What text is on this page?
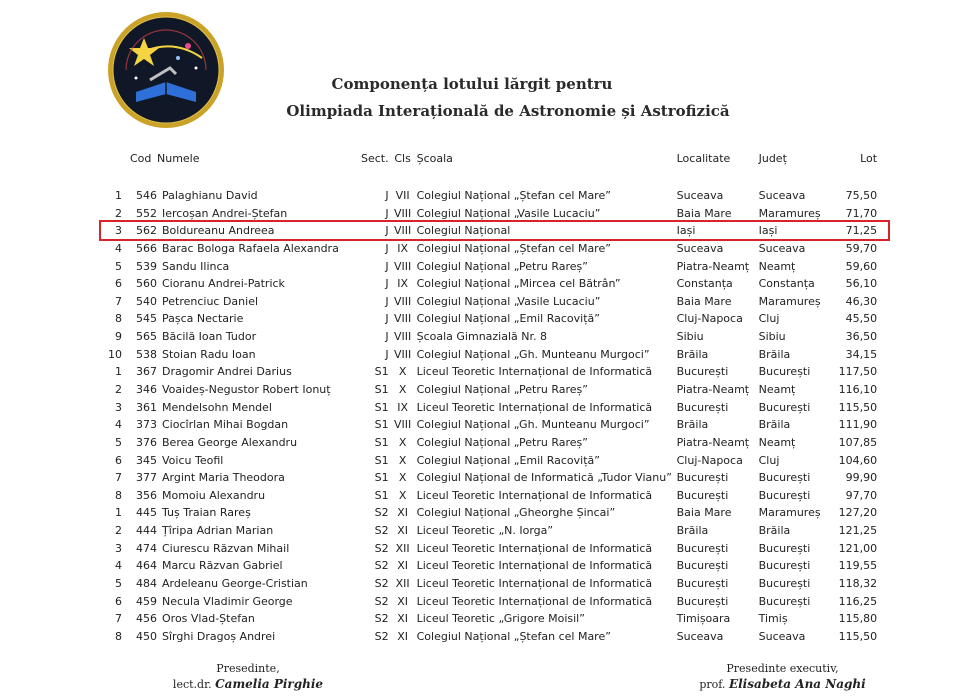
Componența lotului lărgit pentru
Olimpiada Interațională de Astronomie și Astrofizică
	Cod	Numele	Sect.	Cls	Școala	Localitate	Județ	Lot

1	546	Palaghianu David	J	VII	Colegiul Național „Ștefan cel Mare”	Suceava	Suceava	75,50
2	552	Iercoșan Andrei-Ștefan	J	VIII	Colegiul Național „Vasile Lucaciu”	Baia Mare	Maramureș	71,70
3	562	Boldureanu Andreea	J	VIII	Colegiul Național	Iași	Iași	71,25
4	566	Barac Bologa Rafaela Alexandra	J	IX	Colegiul Național „Ștefan cel Mare”	Suceava	Suceava	59,70
5	539	Sandu Ilinca	J	VIII	Colegiul Național „Petru Rareș”	Piatra-Neamț	Neamț	59,60
6	560	Cioranu Andrei-Patrick	J	IX	Colegiul Național „Mircea cel Bătrân”	Constanța	Constanța	56,10
7	540	Petrenciuc Daniel	J	VIII	Colegiul Național „Vasile Lucaciu”	Baia Mare	Maramureș	46,30
8	545	Pașca Nectarie	J	VIII	Colegiul Național „Emil Racoviță”	Cluj-Napoca	Cluj	45,50
9	565	Băcilă Ioan Tudor	J	VIII	Școala Gimnazială Nr. 8	Sibiu	Sibiu	36,50
10	538	Stoian Radu Ioan	J	VIII	Colegiul Național „Gh. Munteanu Murgoci”	Brăila	Brăila	34,15
1	367	Dragomir Andrei Darius	S1	X	Liceul Teoretic Internațional de Informatică	București	București	117,50
2	346	Voaideș-Negustor Robert Ionuț	S1	X	Colegiul Național „Petru Rareș”	Piatra-Neamț	Neamț	116,10
3	361	Mendelsohn Mendel	S1	IX	Liceul Teoretic Internațional de Informatică	București	București	115,50
4	373	Ciocîrlan Mihai Bogdan	S1	VIII	Colegiul Național „Gh. Munteanu Murgoci”	Brăila	Brăila	111,90
5	376	Berea George Alexandru	S1	X	Colegiul Național „Petru Rareș”	Piatra-Neamț	Neamț	107,85
6	345	Voicu Teofil	S1	X	Colegiul Național „Emil Racoviță”	Cluj-Napoca	Cluj	104,60
7	377	Argint Maria Theodora	S1	X	Colegiul Național de Informatică „Tudor Vianu”	București	București	99,90
8	356	Momoiu Alexandru	S1	X	Liceul Teoretic Internațional de Informatică	București	București	97,70
1	445	Tuș Traian Rareș	S2	XI	Colegiul Național „Gheorghe Șincai”	Baia Mare	Maramureș	127,20
2	444	Țîripa Adrian Marian	S2	XI	Liceul Teoretic „N. Iorga”	Brăila	Brăila	121,25
3	474	Ciurescu Răzvan Mihail	S2	XII	Liceul Teoretic Internațional de Informatică	București	București	121,00
4	464	Marcu Răzvan Gabriel	S2	XI	Liceul Teoretic Internațional de Informatică	București	București	119,55
5	484	Ardeleanu George-Cristian	S2	XII	Liceul Teoretic Internațional de Informatică	București	București	118,32
6	459	Necula Vladimir George	S2	XI	Liceul Teoretic Internațional de Informatică	București	București	116,25
7	456	Oros Vlad-Ștefan	S2	XI	Liceul Teoretic „Grigore Moisil”	Timișoara	Timiș	115,80
8	450	Sîrghi Dragoș Andrei	S2	XI	Colegiul Național „Ștefan cel Mare”	Suceava	Suceava	115,50
Presedinte,
lect.dr. Camelia Pirghie
Presedinte executiv,
prof. Elisabeta Ana Naghi
